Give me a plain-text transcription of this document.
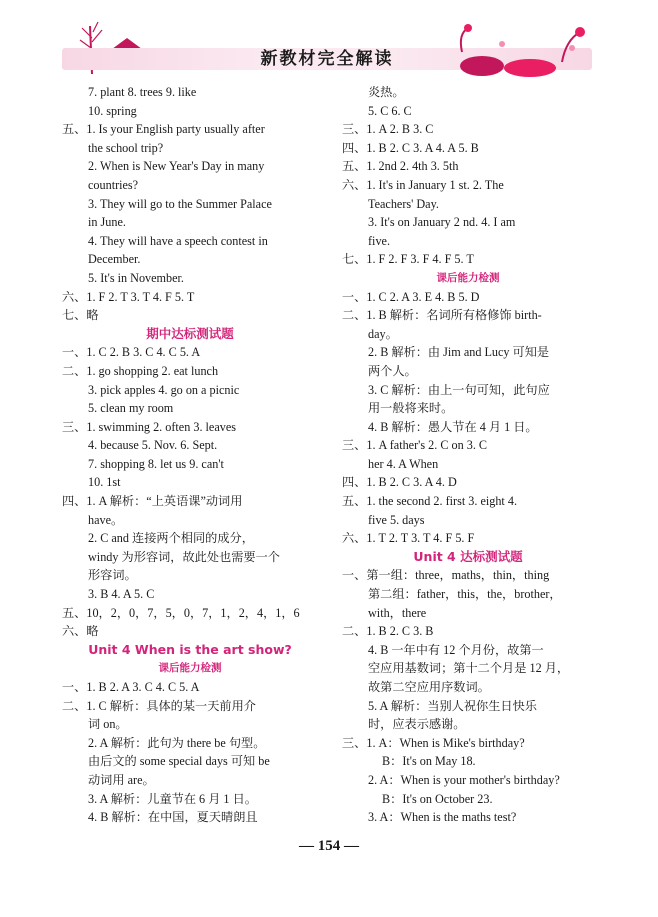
新教材完全解读
7. plant 8. trees 9. like
10. spring
五、1. Is your English party usually after
the school trip?
2. When is New Year's Day in many
countries?
3. They will go to the Summer Palace
in June.
4. They will have a speech contest in
December.
5. It's in November.
六、1. F 2. T 3. T 4. F 5. T
七、略
期中达标测试题
一、1. C 2. B 3. C 4. C 5. A
二、1. go shopping 2. eat lunch
3. pick apples 4. go on a picnic
5. clean my room
三、1. swimming 2. often 3. leaves
4. because 5. Nov. 6. Sept.
7. shopping 8. let us 9. can't
10. 1st
四、1. A 解析：“上英语课”动词用
have。
2. C and 连接两个相同的成分，
windy 为形容词，故此处也需要一个
形容词。
3. B 4. A 5. C
五、10，2，0，7，5，0，7，1，2，4，1，6
六、略
Unit 4 When is the art show?
课后能力检测
一、1. B 2. A 3. C 4. C 5. A
二、1. C 解析：具体的某一天前用介
词 on。
2. A 解析：此句为 there be 句型。
由后文的 some special days 可知 be
动词用 are。
3. A 解析：儿童节在 6 月 1 日。
4. B 解析：在中国，夏天晴朗且
炎热。
5. C 6. C
三、1. A 2. B 3. C
四、1. B 2. C 3. A 4. A 5. B
五、1. 2nd 2. 4th 3. 5th
六、1. It's in January 1 st. 2. The
Teachers' Day.
3. It's on January 2 nd. 4. I am
five.
七、1. F 2. F 3. F 4. F 5. T
课后能力检测
一、1. C 2. A 3. E 4. B 5. D
二、1. B 解析：名词所有格修饰 birth-
day。
2. B 解析：由 Jim and Lucy 可知是
两个人。
3. C 解析：由上一句可知，此句应
用一般将来时。
4. B 解析：愚人节在 4 月 1 日。
三、1. A father's 2. C on 3. C
her 4. A When
四、1. B 2. C 3. A 4. D
五、1. the second 2. first 3. eight 4.
five 5. days
六、1. T 2. T 3. T 4. F 5. F
Unit 4 达标测试题
一、第一组：three，maths，thin，thing
第二组：father，this，the，brother，
with，there
二、1. B 2. C 3. B
4. B 一年中有 12 个月份，故第一
空应用基数词；第十二个月是 12 月，
故第二空应用序数词。
5. A 解析：当别人祝你生日快乐
时，应表示感谢。
三、1. A：When is Mike's birthday?
B：It's on May 18.
2. A：When is your mother's birthday?
B：It's on October 23.
3. A：When is the maths test?
— 154 —
